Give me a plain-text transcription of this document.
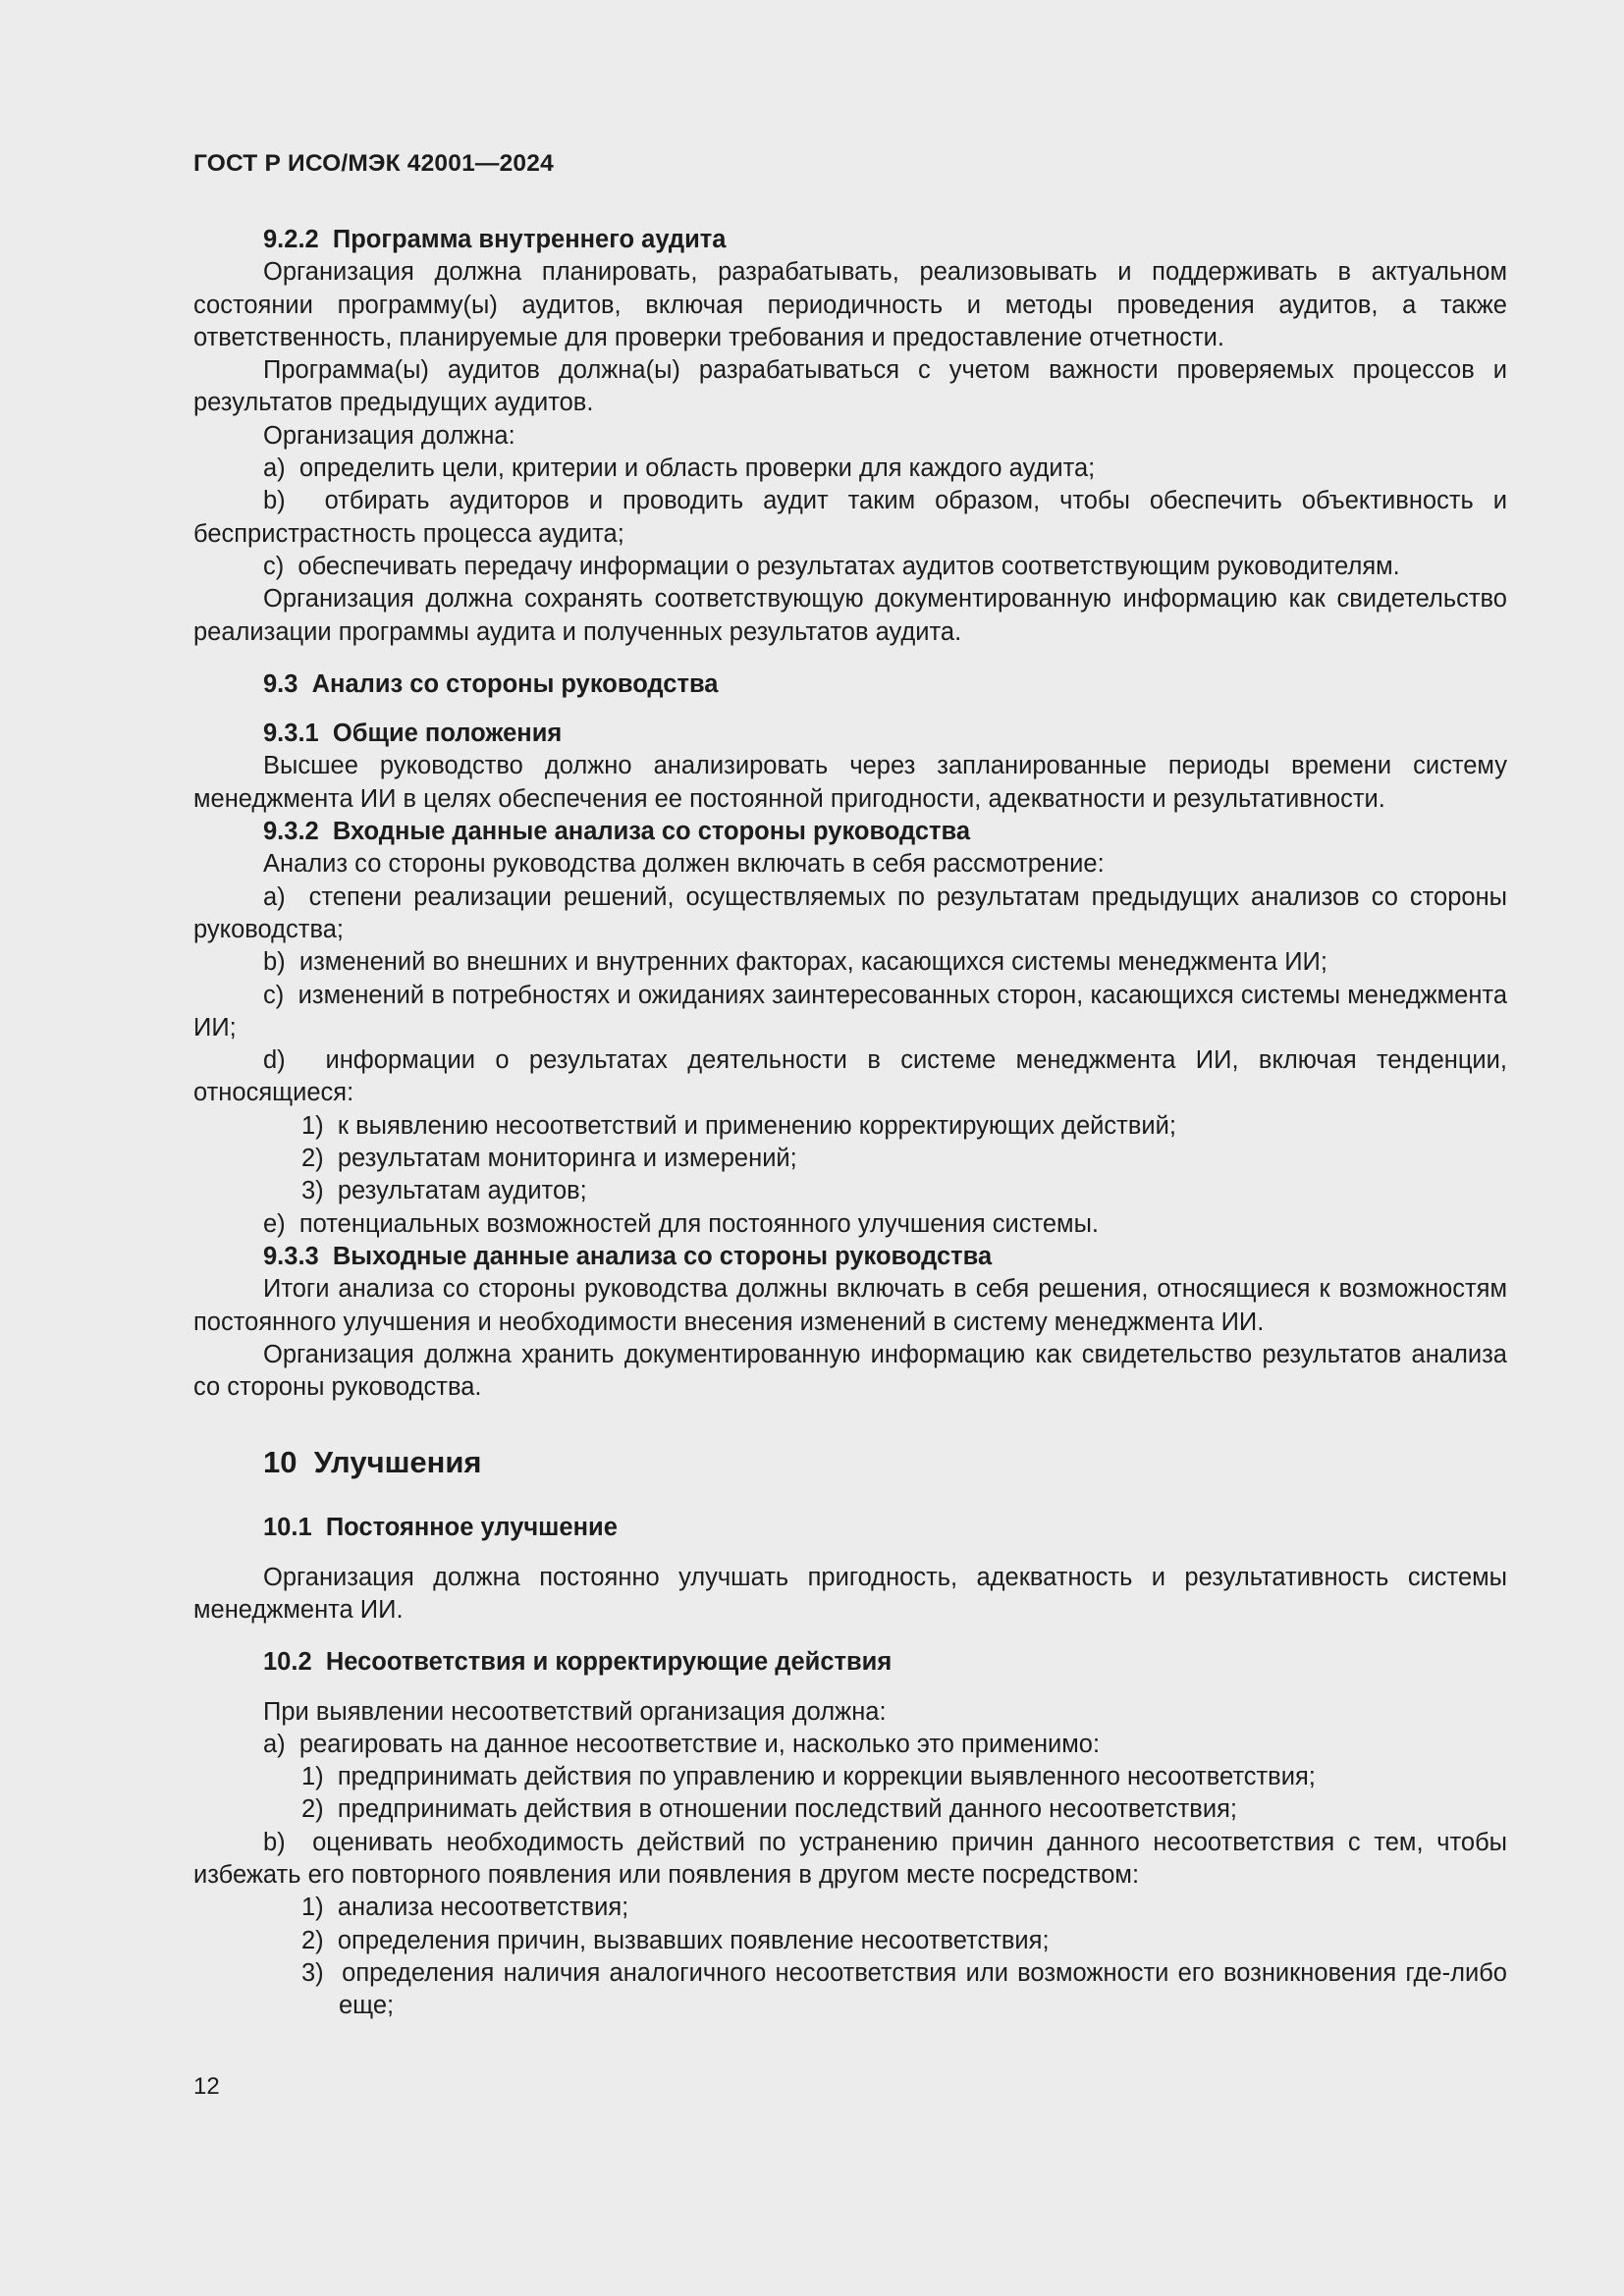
ГОСТ Р ИСО/МЭК 42001—2024
9.2.2 Программа внутреннего аудита
Организация должна планировать, разрабатывать, реализовывать и поддерживать в актуальном состоянии программу(ы) аудитов, включая периодичность и методы проведения аудитов, а также ответственность, планируемые для проверки требования и предоставление отчетности.
Программа(ы) аудитов должна(ы) разрабатываться с учетом важности проверяемых процессов и результатов предыдущих аудитов.
Организация должна:
a) определить цели, критерии и область проверки для каждого аудита;
b) отбирать аудиторов и проводить аудит таким образом, чтобы обеспечить объективность и беспристрастность процесса аудита;
c) обеспечивать передачу информации о результатах аудитов соответствующим руководителям.
Организация должна сохранять соответствующую документированную информацию как свидетельство реализации программы аудита и полученных результатов аудита.
9.3 Анализ со стороны руководства
9.3.1 Общие положения
Высшее руководство должно анализировать через запланированные периоды времени систему менеджмента ИИ в целях обеспечения ее постоянной пригодности, адекватности и результативности.
9.3.2 Входные данные анализа со стороны руководства
Анализ со стороны руководства должен включать в себя рассмотрение:
a) степени реализации решений, осуществляемых по результатам предыдущих анализов со стороны руководства;
b) изменений во внешних и внутренних факторах, касающихся системы менеджмента ИИ;
c) изменений в потребностях и ожиданиях заинтересованных сторон, касающихся системы менеджмента ИИ;
d) информации о результатах деятельности в системе менеджмента ИИ, включая тенденции, относящиеся:
1) к выявлению несоответствий и применению корректирующих действий;
2) результатам мониторинга и измерений;
3) результатам аудитов;
e) потенциальных возможностей для постоянного улучшения системы.
9.3.3 Выходные данные анализа со стороны руководства
Итоги анализа со стороны руководства должны включать в себя решения, относящиеся к возможностям постоянного улучшения и необходимости внесения изменений в систему менеджмента ИИ.
Организация должна хранить документированную информацию как свидетельство результатов анализа со стороны руководства.
10 Улучшения
10.1 Постоянное улучшение
Организация должна постоянно улучшать пригодность, адекватность и результативность системы менеджмента ИИ.
10.2 Несоответствия и корректирующие действия
При выявлении несоответствий организация должна:
a) реагировать на данное несоответствие и, насколько это применимо:
1) предпринимать действия по управлению и коррекции выявленного несоответствия;
2) предпринимать действия в отношении последствий данного несоответствия;
b) оценивать необходимость действий по устранению причин данного несоответствия с тем, чтобы избежать его повторного появления или появления в другом месте посредством:
1) анализа несоответствия;
2) определения причин, вызвавших появление несоответствия;
3) определения наличия аналогичного несоответствия или возможности его возникновения где-либо еще;
12
